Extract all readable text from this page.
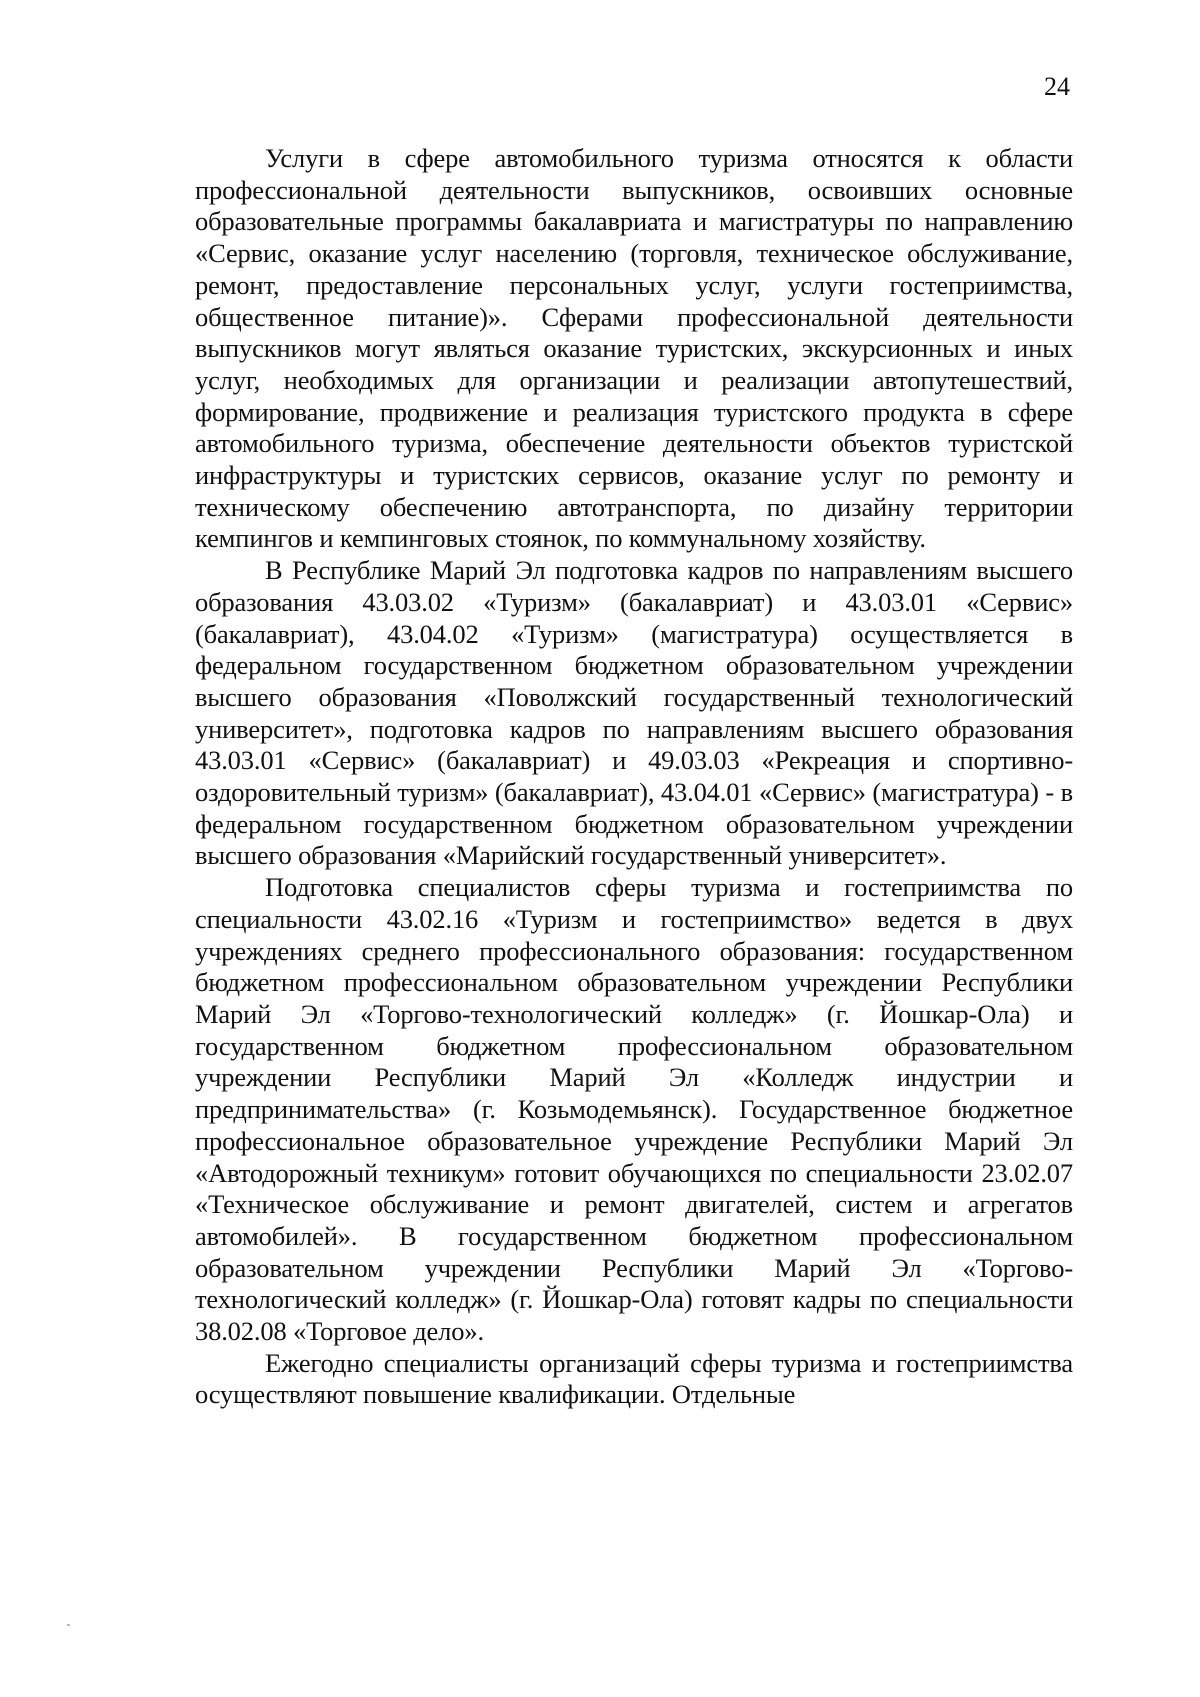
24

Услуги в сфере автомобильного туризма относятся к области профессиональной деятельности выпускников, освоивших основные образовательные программы бакалавриата и магистратуры по направлению «Сервис, оказание услуг населению (торговля, техническое обслуживание, ремонт, предоставление персональных услуг, услуги гостеприимства, общественное питание)». Сферами профессиональной деятельности выпускников могут являться оказание туристских, экскурсионных и иных услуг, необходимых для организации и реализации автопутешествий, формирование, продвижение и реализация туристского продукта в сфере автомобильного туризма, обеспечение деятельности объектов туристской инфраструктуры и туристских сервисов, оказание услуг по ремонту и техническому обеспечению автотранспорта, по дизайну территории кемпингов и кемпинговых стоянок, по коммунальному хозяйству.

В Республике Марий Эл подготовка кадров по направлениям высшего образования 43.03.02 «Туризм» (бакалавриат) и 43.03.01 «Сервис» (бакалавриат), 43.04.02 «Туризм» (магистратура) осуществляется в федеральном государственном бюджетном образовательном учреждении высшего образования «Поволжский государственный технологический университет», подготовка кадров по направлениям высшего образования 43.03.01 «Сервис» (бакалавриат) и 49.03.03 «Рекреация и спортивно-оздоровительный туризм» (бакалавриат), 43.04.01 «Сервис» (магистратура) - в федеральном государственном бюджетном образовательном учреждении высшего образования «Марийский государственный университет».

Подготовка специалистов сферы туризма и гостеприимства по специальности 43.02.16 «Туризм и гостеприимство» ведется в двух учреждениях среднего профессионального образования: государственном бюджетном профессиональном образовательном учреждении Республики Марий Эл «Торгово-технологический колледж» (г. Йошкар-Ола) и государственном бюджетном профессиональном образовательном учреждении Республики Марий Эл «Колледж индустрии и предпринимательства» (г. Козьмодемьянск). Государственное бюджетное профессиональное образовательное учреждение Республики Марий Эл «Автодорожный техникум» готовит обучающихся по специальности 23.02.07 «Техническое обслуживание и ремонт двигателей, систем и агрегатов автомобилей». В государственном бюджетном профессиональном образовательном учреждении Республики Марий Эл «Торгово-технологический колледж» (г. Йошкар-Ола) готовят кадры по специальности 38.02.08 «Торговое дело».

Ежегодно специалисты организаций сферы туризма и гостеприимства осуществляют повышение квалификации. Отдельные
